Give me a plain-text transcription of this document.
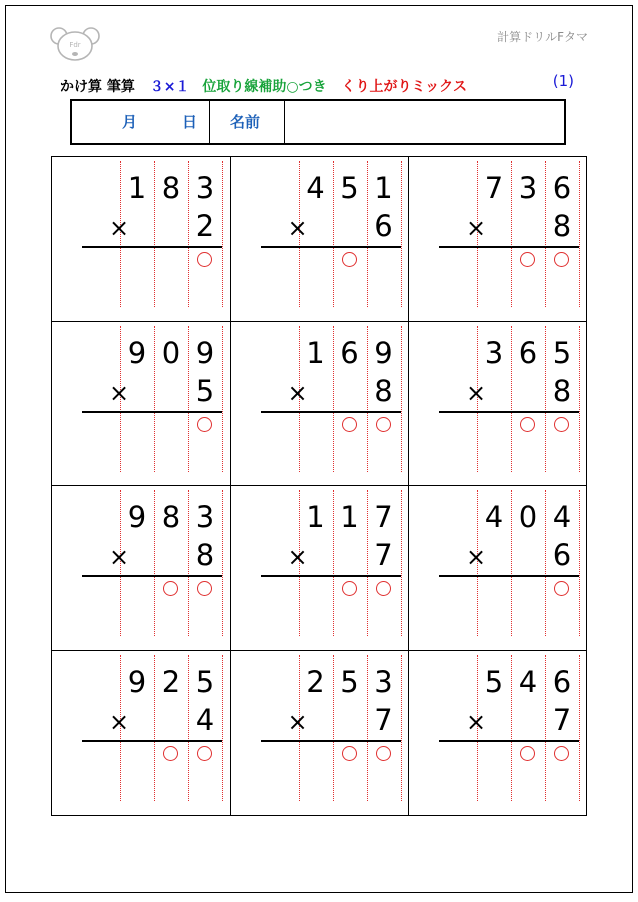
Fdr
計算ドリルFタマ
かけ算 筆算 ３×１ 位取り線補助○つき くり上がりミックス	(1)
月	日 名前
1 8 3
2
×
4 5 1
6
×
7 3 6
8
×
9 0 9
5
×
1 6 9
8
×
3 6 5
8
×
9 8 3
8
×
1 1 7
7
×
4 0 4
6
×
9 2 5
4
×
2 5 3
7
×
5 4 6
7
×
